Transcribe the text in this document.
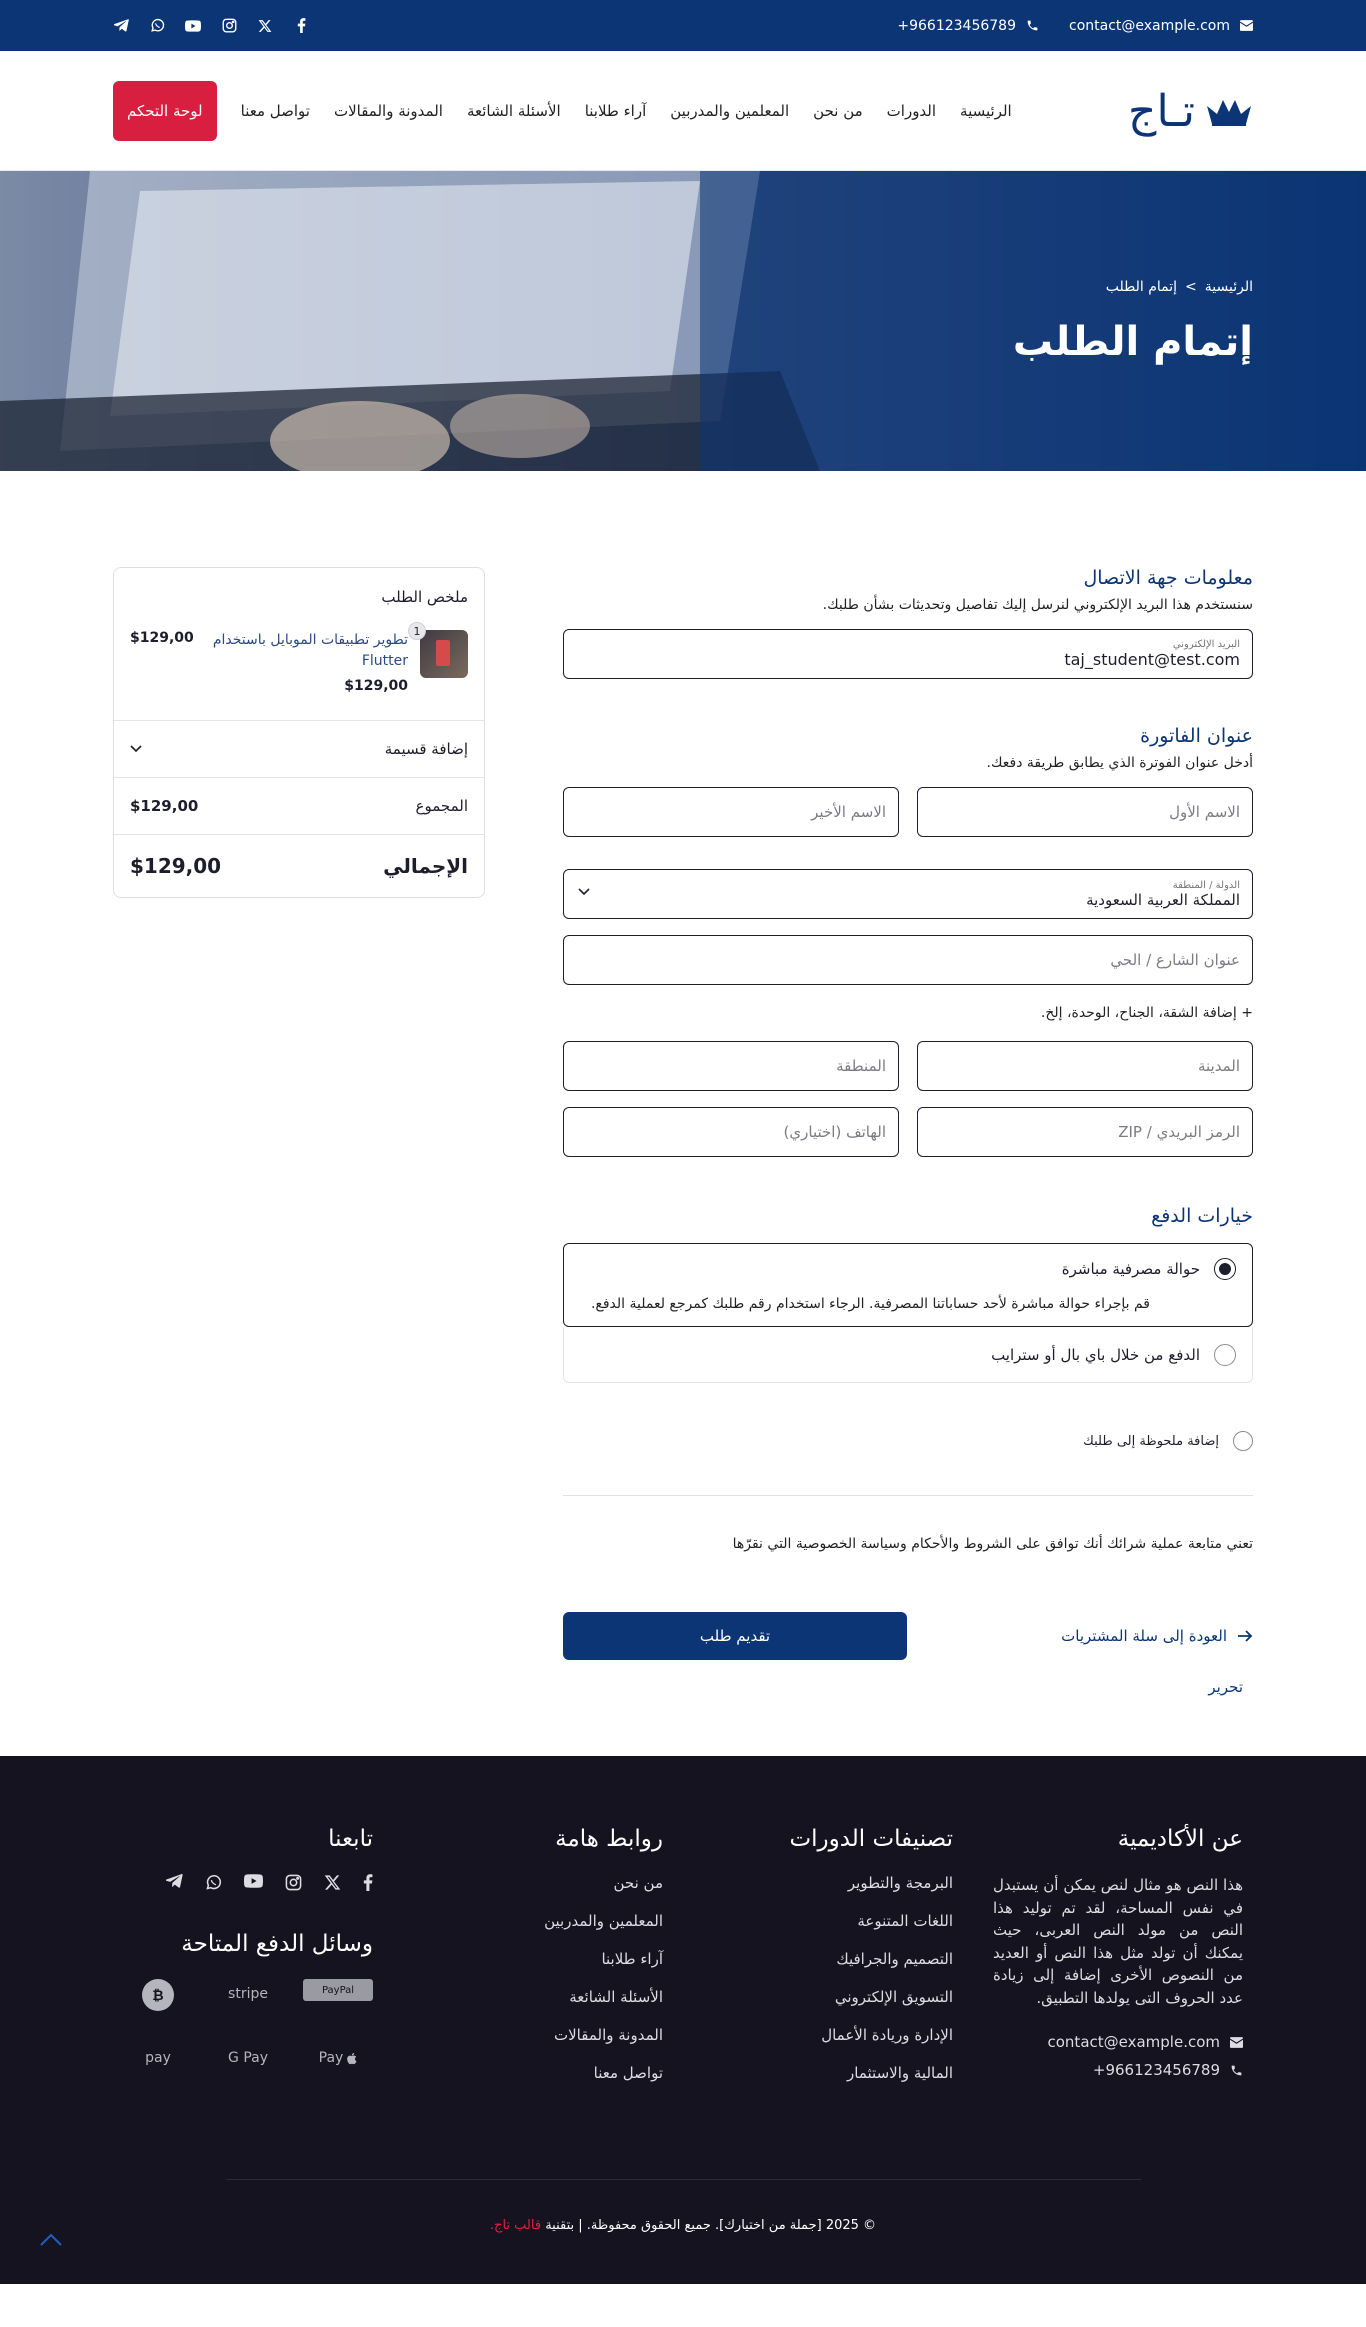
+966123456789	contact@example.com
تـاج
الرئيسية
الدورات
من نحن
المعلمين والمدربين
آراء طلابنا
الأسئلة الشائعة
المدونة والمقالات
تواصل معنا
لوحة التحكم
الرئيسية
>
إتمام الطلب
إتمام الطلب
معلومات جهة الاتصال
سنستخدم هذا البريد الإلكتروني لنرسل إليك تفاصيل وتحديثات بشأن طلبك.
البريد الإلكتروني
taj_student@test.com
عنوان الفاتورة
أدخل عنوان الفوترة الذي يطابق طريقة دفعك.
الاسم الأول
الاسم الأخير
الدولة / المنطقة
المملكة العربية السعودية
عنوان الشارع / الحي
+ إضافة الشقة، الجناح، الوحدة، إلخ.
المدينة
المنطقة
الرمز البريدي / ZIP
الهاتف (اختياري)
خيارات الدفع
حوالة مصرفية مباشرة
قم بإجراء حوالة مباشرة لأحد حساباتنا المصرفية. الرجاء استخدام رقم طلبك كمرجع لعملية الدفع.
الدفع من خلال باي بال أو سترايب
إضافة ملحوظة إلى طلبك
تعني متابعة عملية شرائك أنك توافق على الشروط والأحكام وسياسة الخصوصية التي نقرّها
العودة إلى سلة المشتريات
تقديم طلب
تحرير
ملخص الطلب
1
تطوير تطبيقات الموبايل باستخدام Flutter
$129,00
$129,00
إضافة قسيمة
المجموع
$129,00
الإجمالي
$129,00
عن الأكاديمية

هذا النص هو مثال لنص يمكن أن يستبدل في نفس المساحة، لقد تم توليد هذا النص من مولد النص العربى، حيث يمكنك أن تولد مثل هذا النص أو العديد من النصوص الأخرى إضافة إلى زيادة عدد الحروف التى يولدها التطبيق.

contact@example.com
+966123456789
تصنيفات الدورات
البرمجة والتطوير
اللغات المتنوعة
التصميم والجرافيك
التسويق الإلكتروني
الإدارة وريادة الأعمال
المالية والاستثمار
روابط هامة
من نحن
المعلمين والمدربين
آراء طلابنا
الأسئلة الشائعة
المدونة والمقالات
تواصل معنا
تابعنا
وسائل الدفع المتاحة
PayPal
stripe
₿
Pay
G Pay
pay
© 2025 [جملة من اختيارك]. جميع الحقوق محفوظة. | بتقنية قالب تاج.
